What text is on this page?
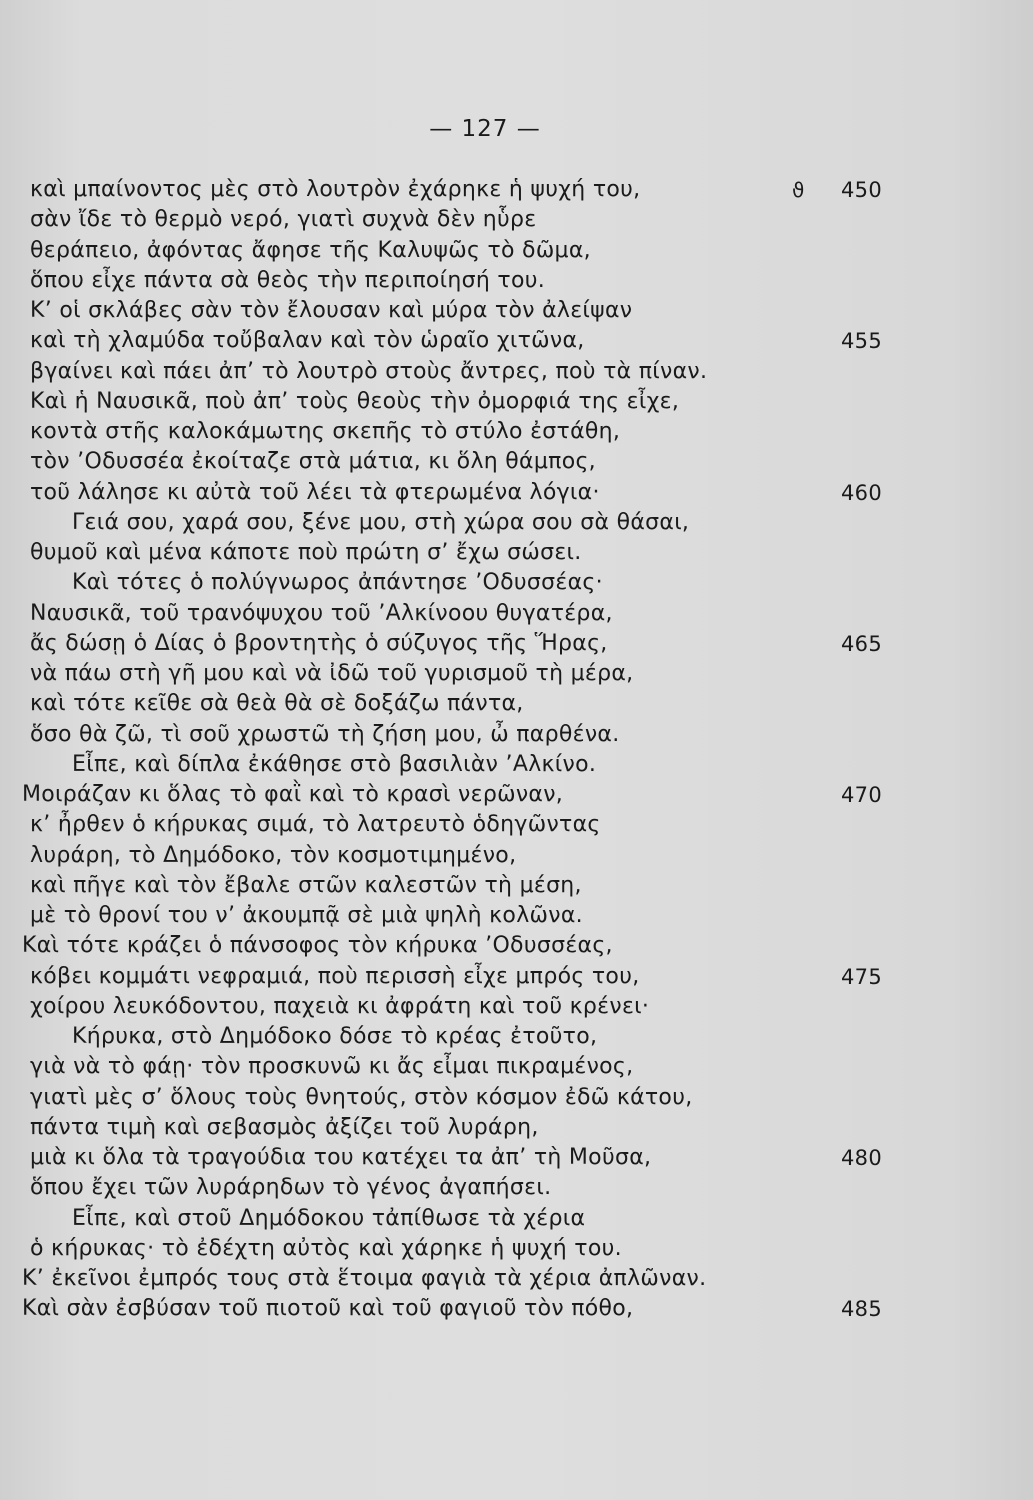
— 127 —
καὶ μπαίνοντος μὲς στὸ λουτρὸν ἐχάρηκε ἡ ψυχή του,	ϑ	450
σὰν ἴδε τὸ θερμὸ νερό, γιατὶ συχνὰ δὲν ηὗρε
θεράπειο, ἀφόντας ἄφησε τῆς Καλυψῶς τὸ δῶμα,
ὅπου εἶχε πάντα σὰ θεὸς τὴν περιποίησή του.
Κ’ οἱ σκλάβες σὰν τὸν ἔλουσαν καὶ μύρα τὸν ἀλείψαν
καὶ τὴ χλαμύδα τοὔβαλαν καὶ τὸν ὡραῖο χιτῶνα,	455
βγαίνει καὶ πάει ἀπ’ τὸ λουτρὸ στοὺς ἄντρες, ποὺ τὰ πίναν.
Καὶ ἡ Ναυσικᾶ, ποὺ ἀπ’ τοὺς θεοὺς τὴν ὀμορφιά της εἶχε,
κοντὰ στῆς καλοκάμωτης σκεπῆς τὸ στύλο ἐστάθη,
τὸν ’Οδυσσέα ἐκοίταζε στὰ μάτια, κι ὅλη θάμπος,
τοῦ λάλησε κι αὐτὰ τοῦ λέει τὰ φτερωμένα λόγια·	460
Γειά σου, χαρά σου, ξένε μου, στὴ χώρα σου σὰ θάσαι,
θυμοῦ καὶ μένα κάποτε ποὺ πρώτη σ’ ἔχω σώσει.
Καὶ τότες ὁ πολύγνωρος ἀπάντησε ’Οδυσσέας·
Ναυσικᾶ, τοῦ τρανόψυχου τοῦ ’Αλκίνοου θυγατέρα,
ἄς δώσῃ ὁ Δίας ὁ βροντητὴς ὁ σύζυγος τῆς Ἥρας,	465
νὰ πάω στὴ γῆ μου καὶ νὰ ἰδῶ τοῦ γυρισμοῦ τὴ μέρα,
καὶ τότε κεῖθε σὰ θεὰ θὰ σὲ δοξάζω πάντα,
ὅσο θὰ ζῶ, τὶ σοῦ χρωστῶ τὴ ζήση μου, ὦ παρθένα.
Εἶπε, καὶ δίπλα ἐκάθησε στὸ βασιλιὰν ’Αλκίνο.
Μοιράζαν κι ὅλας τὸ φαῒ καὶ τὸ κρασὶ νερῶναν,	470
κ’ ἦρθεν ὁ κήρυκας σιμά, τὸ λατρευτὸ ὁδηγῶντας
λυράρη, τὸ Δημόδοκο, τὸν κοσμοτιμημένο,
καὶ πῆγε καὶ τὸν ἔβαλε στῶν καλεστῶν τὴ μέση,
μὲ τὸ θρονί του ν’ ἀκουμπᾷ σὲ μιὰ ψηλὴ κολῶνα.
Καὶ τότε κράζει ὁ πάνσοφος τὸν κήρυκα ’Οδυσσέας,
κόβει κομμάτι νεφραμιά, ποὺ περισσὴ εἶχε μπρός του,	475
χοίρου λευκόδοντου, παχειὰ κι ἀφράτη καὶ τοῦ κρένει·
Κήρυκα, στὸ Δημόδοκο δόσε τὸ κρέας ἐτοῦτο,
γιὰ νὰ τὸ φάῃ· τὸν προσκυνῶ κι ἄς εἶμαι πικραμένος,
γιατὶ μὲς σ’ ὅλους τοὺς θνητούς, στὸν κόσμον ἐδῶ κάτου,
πάντα τιμὴ καὶ σεβασμὸς ἀξίζει τοῦ λυράρη,
μιὰ κι ὅλα τὰ τραγούδια του κατέχει τα ἀπ’ τὴ Μοῦσα,	480
ὅπου ἔχει τῶν λυράρηδων τὸ γένος ἀγαπήσει.
Εἶπε, καὶ στοῦ Δημόδοκου τἀπίθωσε τὰ χέρια
ὁ κήρυκας· τὸ ἐδέχτη αὐτὸς καὶ χάρηκε ἡ ψυχή του.
Κ’ ἐκεῖνοι ἐμπρός τους στὰ ἕτοιμα φαγιὰ τὰ χέρια ἀπλῶναν.
Καὶ σὰν ἐσβύσαν τοῦ πιοτοῦ καὶ τοῦ φαγιοῦ τὸν πόθο,	485
